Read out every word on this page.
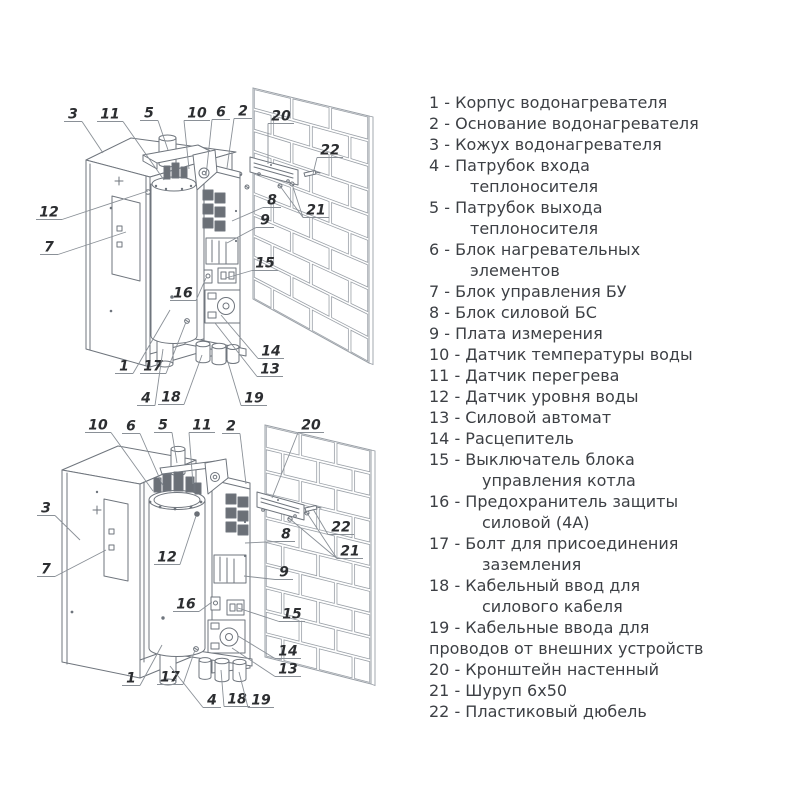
3 11 5 10 6 2 20
22
12
7
8
21
9
15
16
14
13
1 17
4 18	19
10 6 5 11 2	20
3
12
7
8	22
21
9
16
15
14
13
1 17
4 18 19
1 - Корпус водонагревателя
2 - Основание водонагревателя
3 - Кожух водонагревателя
4 - Патрубок входа
теплоносителя
5 - Патрубок выхода
теплоносителя
6 - Блок нагревательных
элементов
7 - Блок управления БУ
8 - Блок силовой БС
9 - Плата измерения
10 - Датчик температуры воды
11 - Датчик перегрева
12 - Датчик уровня воды
13 - Силовой автомат
14 - Расцепитель
15 - Выключатель блока
управления котла
16 - Предохранитель защиты
силовой (4А)
17 - Болт для присоединения
заземления
18 - Кабельный ввод для
силового кабеля
19 - Кабельные ввода для
проводов от внешних устройств
20 - Кронштейн настенный
21 - Шуруп 6х50
22 - Пластиковый дюбель
